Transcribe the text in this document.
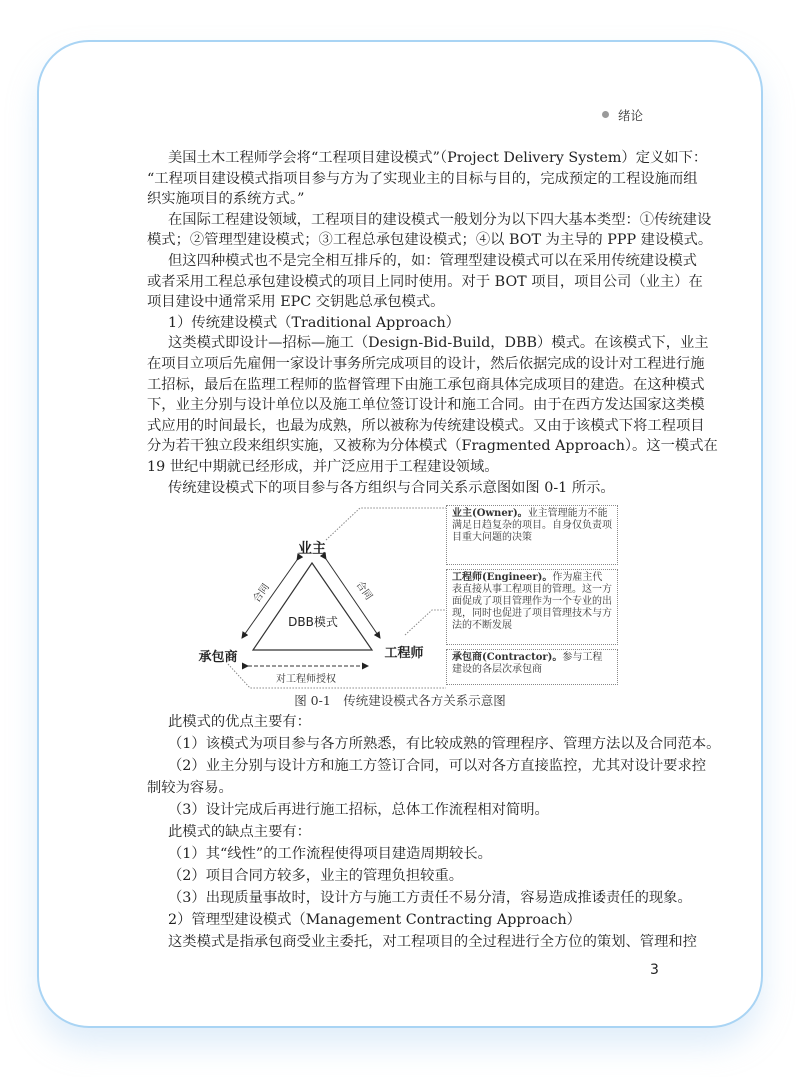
绪论
美国土木工程师学会将“工程项目建设模式”（Project Delivery System）定义如下：
“工程项目建设模式指项目参与方为了实现业主的目标与目的，完成预定的工程设施而组
织实施项目的系统方式。”
在国际工程建设领域，工程项目的建设模式一般划分为以下四大基本类型：①传统建设
模式；②管理型建设模式；③工程总承包建设模式；④以 BOT 为主导的 PPP 建设模式。
但这四种模式也不是完全相互排斥的，如：管理型建设模式可以在采用传统建设模式
或者采用工程总承包建设模式的项目上同时使用。对于 BOT 项目，项目公司（业主）在
项目建设中通常采用 EPC 交钥匙总承包模式。
1）传统建设模式（Traditional Approach）
这类模式即设计—招标—施工（Design-Bid-Build，DBB）模式。在该模式下，业主
在项目立项后先雇佣一家设计事务所完成项目的设计，然后依据完成的设计对工程进行施
工招标，最后在监理工程师的监督管理下由施工承包商具体完成项目的建造。在这种模式
下，业主分别与设计单位以及施工单位签订设计和施工合同。由于在西方发达国家这类模
式应用的时间最长，也最为成熟，所以被称为传统建设模式。又由于该模式下将工程项目
分为若干独立段来组织实施，又被称为分体模式（Fragmented Approach）。这一模式在
19 世纪中期就已经形成，并广泛应用于工程建设领域。
传统建设模式下的项目参与各方组织与合同关系示意图如图 0-1 所示。
业主
承包商	工程师
DBB模式
合同	合同
对工程师授权
业主(Owner)。业主管理能力不能满足日趋复杂的项目。自身仅负责项目重大问题的决策
工程师(Engineer)。作为雇主代表直接从事工程项目的管理。这一方面促成了项目管理作为一个专业的出现，同时也促进了项目管理技术与方法的不断发展
承包商(Contractor)。参与工程建设的各层次承包商
图 0-1　传统建设模式各方关系示意图
此模式的优点主要有：
（1）该模式为项目参与各方所熟悉，有比较成熟的管理程序、管理方法以及合同范本。
（2）业主分别与设计方和施工方签订合同，可以对各方直接监控，尤其对设计要求控
制较为容易。
（3）设计完成后再进行施工招标，总体工作流程相对简明。
此模式的缺点主要有：
（1）其“线性”的工作流程使得项目建造周期较长。
（2）项目合同方较多，业主的管理负担较重。
（3）出现质量事故时，设计方与施工方责任不易分清，容易造成推诿责任的现象。
2）管理型建设模式（Management Contracting Approach）
这类模式是指承包商受业主委托，对工程项目的全过程进行全方位的策划、管理和控
3
